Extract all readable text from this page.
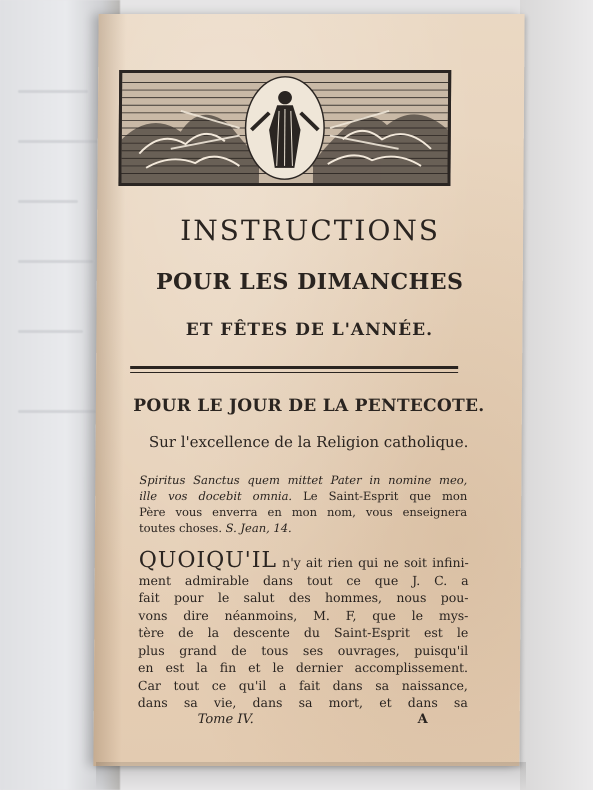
INSTRUCTIONS
POUR LES DIMANCHES
ET FÊTES DE L'ANNÉE.
POUR LE JOUR DE LA PENTECOTE.
Sur l'excellence de la Religion catholique.
Spiritus Sanctus quem mittet Pater in nomine meo,
ille vos docebit omnia. Le Saint-Esprit que mon
Père vous enverra en mon nom, vous enseignera
toutes choses. S. Jean, 14.
QUOIQU'IL n'y ait rien qui ne soit infini-
ment admirable dans tout ce que J. C. a
fait pour le salut des hommes, nous pou-
vons dire néanmoins, M. F, que le mys-
tère de la descente du Saint-Esprit est le
plus grand de tous ses ouvrages, puisqu'il
en est la fin et le dernier accomplissement.
Car tout ce qu'il a fait dans sa naissance,
dans sa vie, dans sa mort, et dans sa
Tome IV.	A
